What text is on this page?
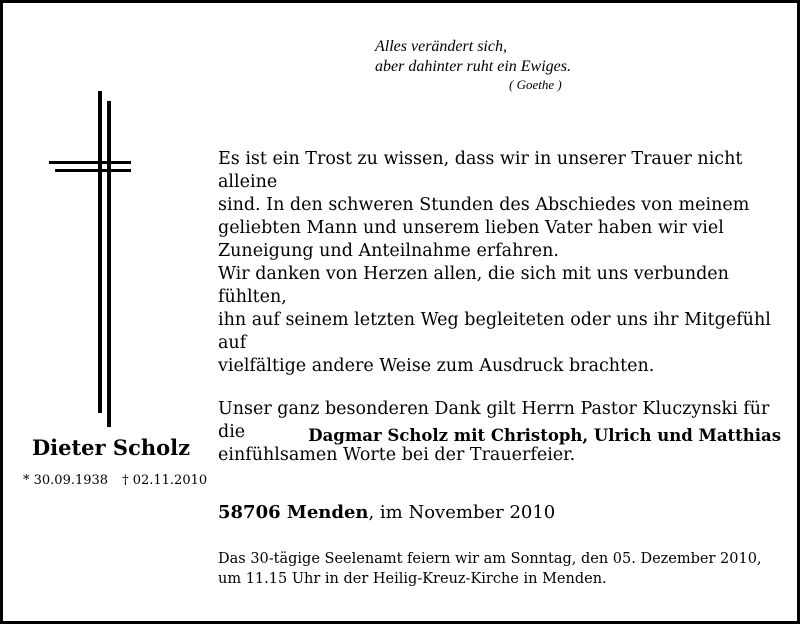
Alles verändert sich,
aber dahinter ruht ein Ewiges.
( Goethe )

Es ist ein Trost zu wissen, dass wir in unserer Trauer nicht alleine
sind. In den schweren Stunden des Abschiedes von meinem
geliebten Mann und unserem lieben Vater haben wir viel
Zuneigung und Anteilnahme erfahren.
Wir danken von Herzen allen, die sich mit uns verbunden fühlten,
ihn auf seinem letzten Weg begleiteten oder uns ihr Mitgefühl auf
vielfältige andere Weise zum Ausdruck brachten.

Unser ganz besonderen Dank gilt Herrn Pastor Kluczynski für die
einfühlsamen Worte bei der Trauerfeier.

Dieter Scholz
* 30.09.1938 † 02.11.2010
Dagmar Scholz mit Christoph, Ulrich und Matthias
58706 Menden, im November 2010

Das 30-tägige Seelenamt feiern wir am Sonntag, den 05. Dezember 2010,
um 11.15 Uhr in der Heilig-Kreuz-Kirche in Menden.
